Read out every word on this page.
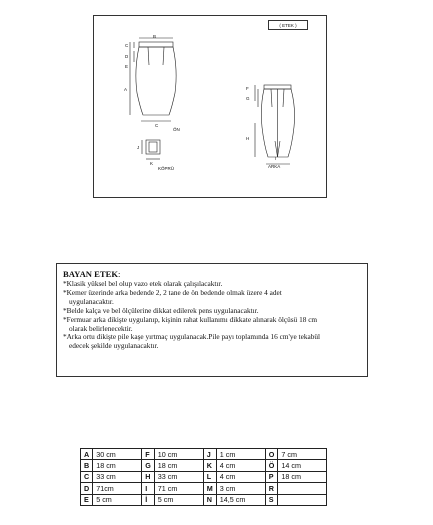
( ETEK )
B
C
D
A
E
C
ÖN
F
G
H
I
ARKA
J
K
KÖPRÜ
BAYAN ETEK:
*Klasik yüksel bel olup vazo etek olarak çalışılacaktır.
*Kemer üzerinde arka bedende 2, 2 tane de ön bedende olmak üzere 4 adet
uygulanacaktır.
*Belde kalça ve bel ölçülerine dikkat edilerek pens uygulanacaktır.
*Fermuar arka dikişte uygulanıp, kişinin rahat kullanımı dikkate alınarak ölçüsü 18 cm
olarak belirlenecektir.
*Arka ortu dikişte pile kaşe yırtmaç uygulanacak.Pile payı toplamında 16 cm'ye tekabül
edecek şekilde uygulanacaktır.
A	30 cm	F	10 cm	J	1 cm	O	7 cm
B	18 cm	G	18 cm	K	4 cm	Ö	14 cm
C	33 cm	H	33 cm	L	4 cm	P	18 cm
D	71cm	I	71 cm	M	3 cm	R	
E	5 cm	İ	5 cm	N	14,5 cm	S	
